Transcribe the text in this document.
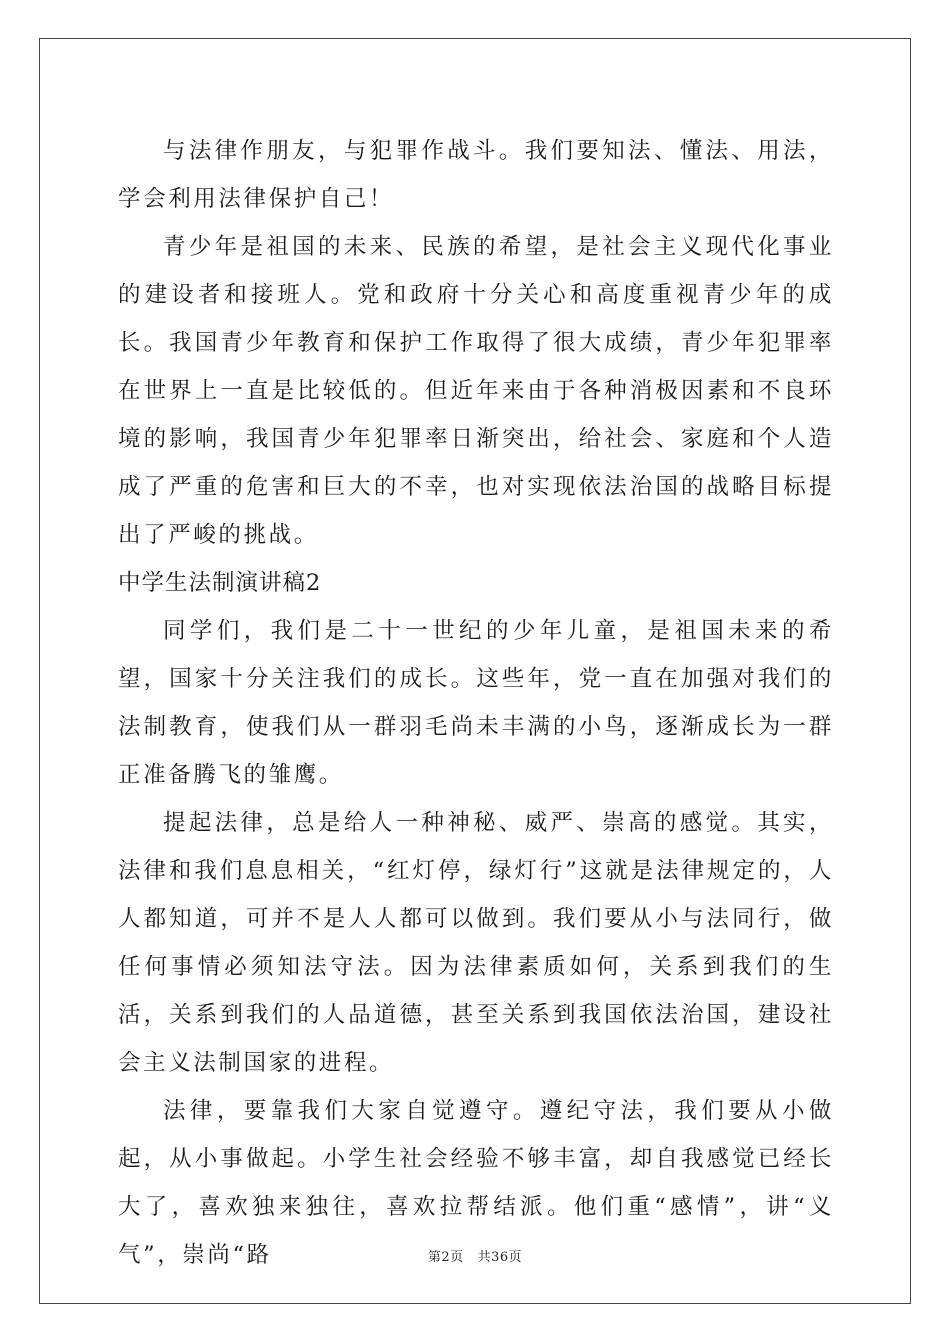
与法律作朋友，与犯罪作战斗。我们要知法、懂法、用法，学会利用法律保护自己！

青少年是祖国的未来、民族的希望，是社会主义现代化事业的建设者和接班人。党和政府十分关心和高度重视青少年的成长。我国青少年教育和保护工作取得了很大成绩，青少年犯罪率在世界上一直是比较低的。但近年来由于各种消极因素和不良环境的影响，我国青少年犯罪率日渐突出，给社会、家庭和个人造成了严重的危害和巨大的不幸，也对实现依法治国的战略目标提出了严峻的挑战。

中学生法制演讲稿2

同学们，我们是二十一世纪的少年儿童，是祖国未来的希望，国家十分关注我们的成长。这些年，党一直在加强对我们的法制教育，使我们从一群羽毛尚未丰满的小鸟，逐渐成长为一群正准备腾飞的雏鹰。

提起法律，总是给人一种神秘、威严、崇高的感觉。其实，法律和我们息息相关，“红灯停，绿灯行”这就是法律规定的，人人都知道，可并不是人人都可以做到。我们要从小与法同行，做任何事情必须知法守法。因为法律素质如何，关系到我们的生活，关系到我们的人品道德，甚至关系到我国依法治国，建设社会主义法制国家的进程。

法律，要靠我们大家自觉遵守。遵纪守法，我们要从小做起，从小事做起。小学生社会经验不够丰富，却自我感觉已经长大了，喜欢独来独往，喜欢拉帮结派。他们重“感情”，讲“义气”，崇尚“路	第2页 共36页
